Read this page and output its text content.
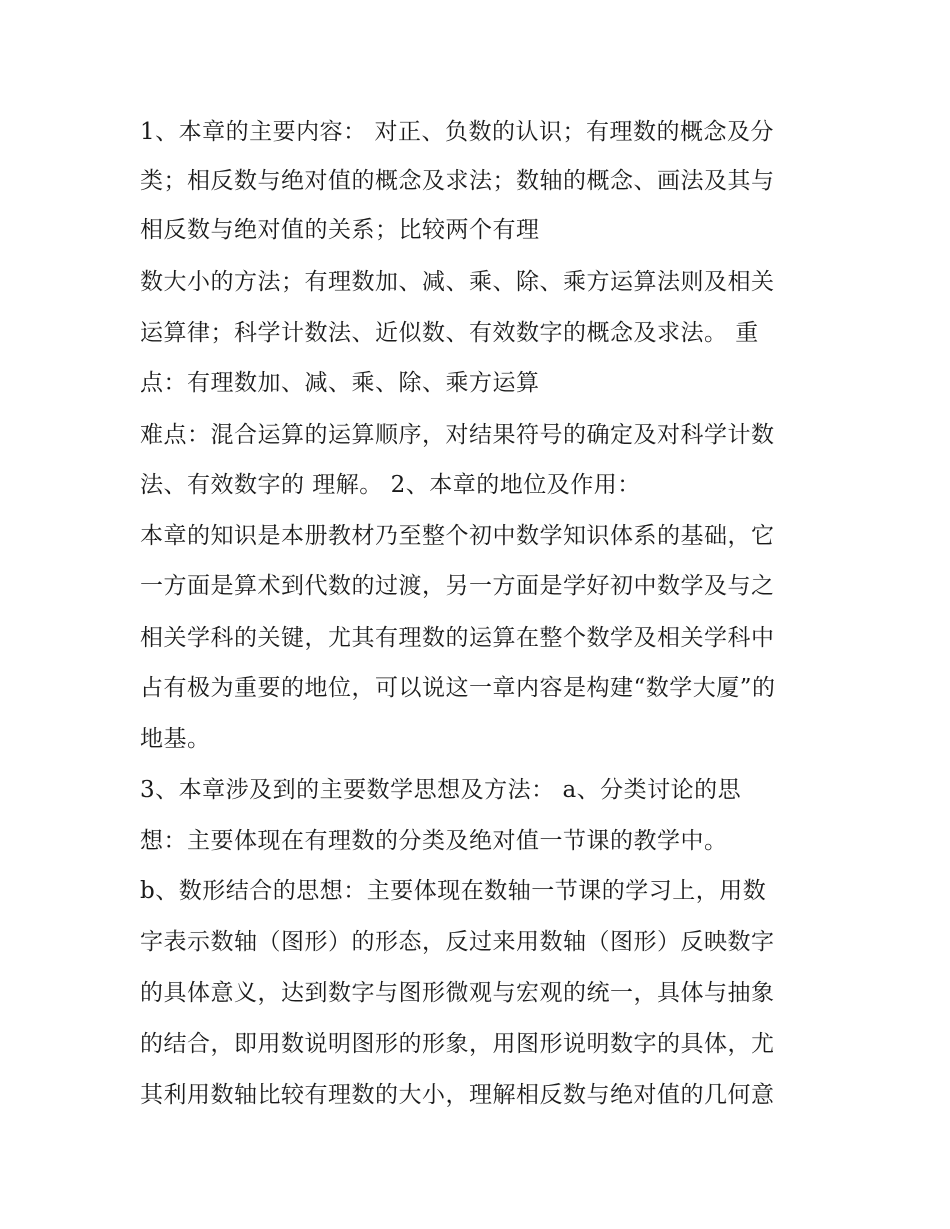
1、本章的主要内容： 对正、负数的认识；有理数的概念及分
类；相反数与绝对值的概念及求法；数轴的概念、画法及其与
相反数与绝对值的关系；比较两个有理
数大小的方法；有理数加、减、乘、除、乘方运算法则及相关
运算律；科学计数法、近似数、有效数字的概念及求法。 重
点：有理数加、减、乘、除、乘方运算
难点：混合运算的运算顺序，对结果符号的确定及对科学计数
法、有效数字的 理解。 2、本章的地位及作用：
本章的知识是本册教材乃至整个初中数学知识体系的基础，它
一方面是算术到代数的过渡，另一方面是学好初中数学及与之
相关学科的关键，尤其有理数的运算在整个数学及相关学科中
占有极为重要的地位，可以说这一章内容是构建“数学大厦”的
地基。
3、本章涉及到的主要数学思想及方法： a、分类讨论的思
想：主要体现在有理数的分类及绝对值一节课的教学中。
b、数形结合的思想：主要体现在数轴一节课的学习上，用数
字表示数轴（图形）的形态，反过来用数轴（图形）反映数字
的具体意义，达到数字与图形微观与宏观的统一，具体与抽象
的结合，即用数说明图形的形象，用图形说明数字的具体，尤
其利用数轴比较有理数的大小，理解相反数与绝对值的几何意
